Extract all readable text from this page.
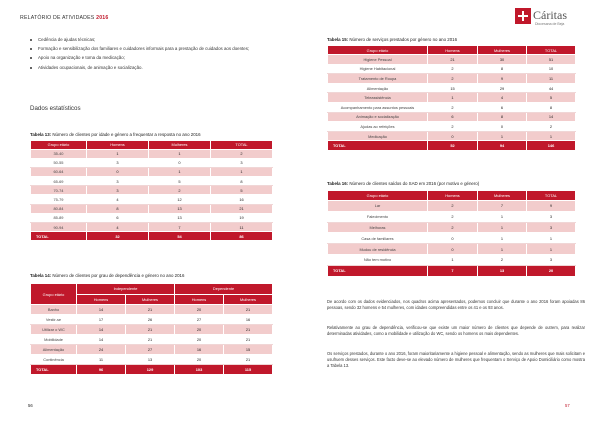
RELATÓRIO DE ATIVIDADES 2016
Cedência de ajudas técnicas;
Formação e sensibilização dos familiares e cuidadores informais para a prestação de cuidados aos doentes;
Apoio na organização e toma da medicação;
Atividades ocupacionais, de animação e socialização.
Dados estatísticos
Tabela 13: Número de clientes por idade e género a frequentar a resposta no ano 2016
Grupo etário	Homens	Mulheres	TOTAL
35-40	1	1	2
50-55	3	0	3
60-64	0	1	1
65-69	3	5	8
70-74	3	2	5
75-79	4	12	16
80-84	8	13	21
85-89	6	13	19
90-94	4	7	11
TOTAL	32	54	86
Tabela 14: Número de clientes por grau de dependência e género no ano 2016
Grupo etário	Independente		Dependente	
	Homens	Mulheres	Homens	Mulheres
Banho	14	21	20	21
Vestir-se	17	26	27	16
Utilizar o WC	14	21	20	21
Mobilidade	14	21	20	21
Alimentação	24	27	16	15
Continência	11	13	20	21
TOTAL	96	129	103	115
56
Cáritas
Diocesana de Beja
Tabela 15: Número de serviços prestados por género no ano 2016
Grupo etário	Homens	Mulheres	TOTAL
Higiene Pessoal	21	30	51
Higiene Habitacional	2	8	10
Tratamento de Roupa	2	9	11
Alimentação	15	29	44
Teleassistência	1	4	5
Acompanhamento para assuntos pessoais	2	6	8
Animação e socialização	6	8	14
Ajudas ao refeições	2	0	2
Medicação	0	1	1
TOTAL	52	94	146
Tabela 16: Número de clientes saídos do SAD em 2016 (por motivo e género)
Grupo etário	Homens	Mulheres	TOTAL
Lar	2	7	9
Falecimento	2	1	3
Melhoras	2	1	3
Casa de familiares	0	1	1
Mudou de residência	0	1	1
Não tem motivo	1	2	3
TOTAL	7	13	20
De acordo com os dados evidenciados, nos quadros acima apresentados, podemos concluir que durante o ano 2016 foram apoiadas 86 pessoas, sendo 32 homens e 54 mulheres, com idades compreendidas entre os 41 e os 93 anos.
Relativamente ao grau de dependência, verificou-se que existe um maior número de clientes que depende de outrem, para realizar determinadas atividades, como a mobilidade e utilização do WC, sendo os homens os mais dependentes.
Os serviços prestados, durante o ano 2016, foram maioritariamente a higiene pessoal e alimentação, sendo as mulheres que mais solicitam e usufruem desses serviços. Este facto deve-se ao elevado número de mulheres que frequentam o Serviço de Apoio Domiciliário como mostra a Tabela 13.
57
